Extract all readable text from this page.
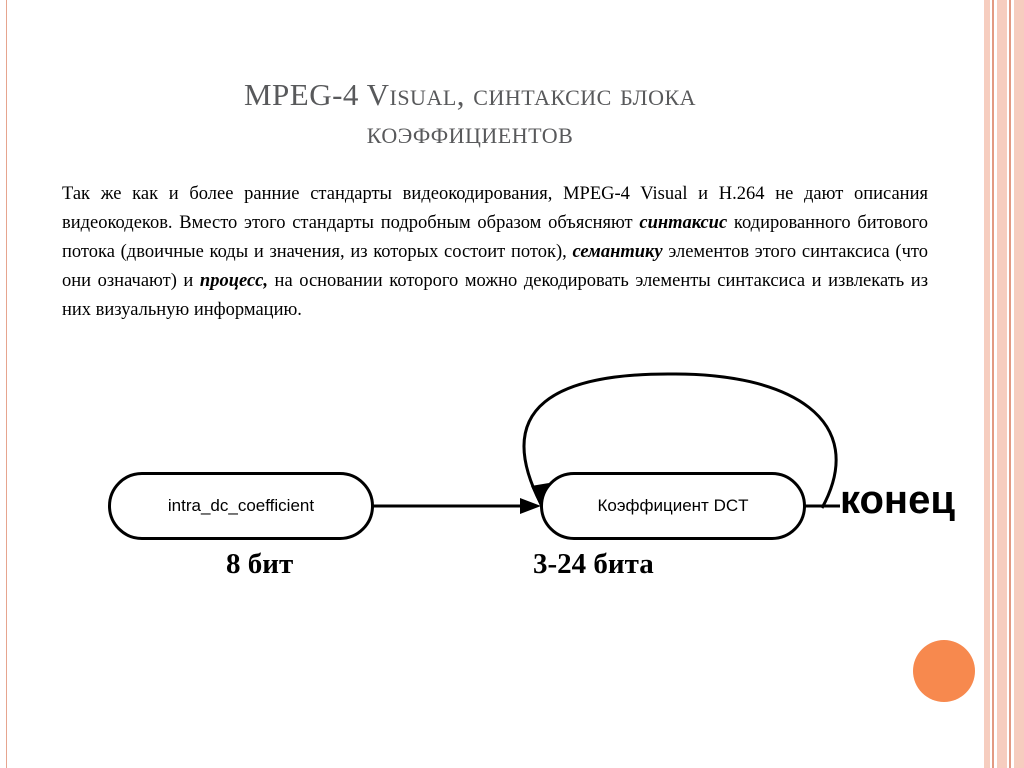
MPEG-4 Visual, синтаксис блока
коэффициентов
Так же как и более ранние стандарты видеокодирования, MPEG-4 Visual и H.264 не дают описания видеокодеков. Вместо этого стандарты подробным образом объясняют синтаксис кодированного битового потока (двоичные коды и значения, из которых состоит поток), семантику элементов этого синтаксиса (что они означают) и процесс, на основании которого можно декодировать элементы синтаксиса и извлекать из них визуальную информацию.
intra_dc_coefficient	Коэффициент DCT конец
8 бит	3-24 бита
